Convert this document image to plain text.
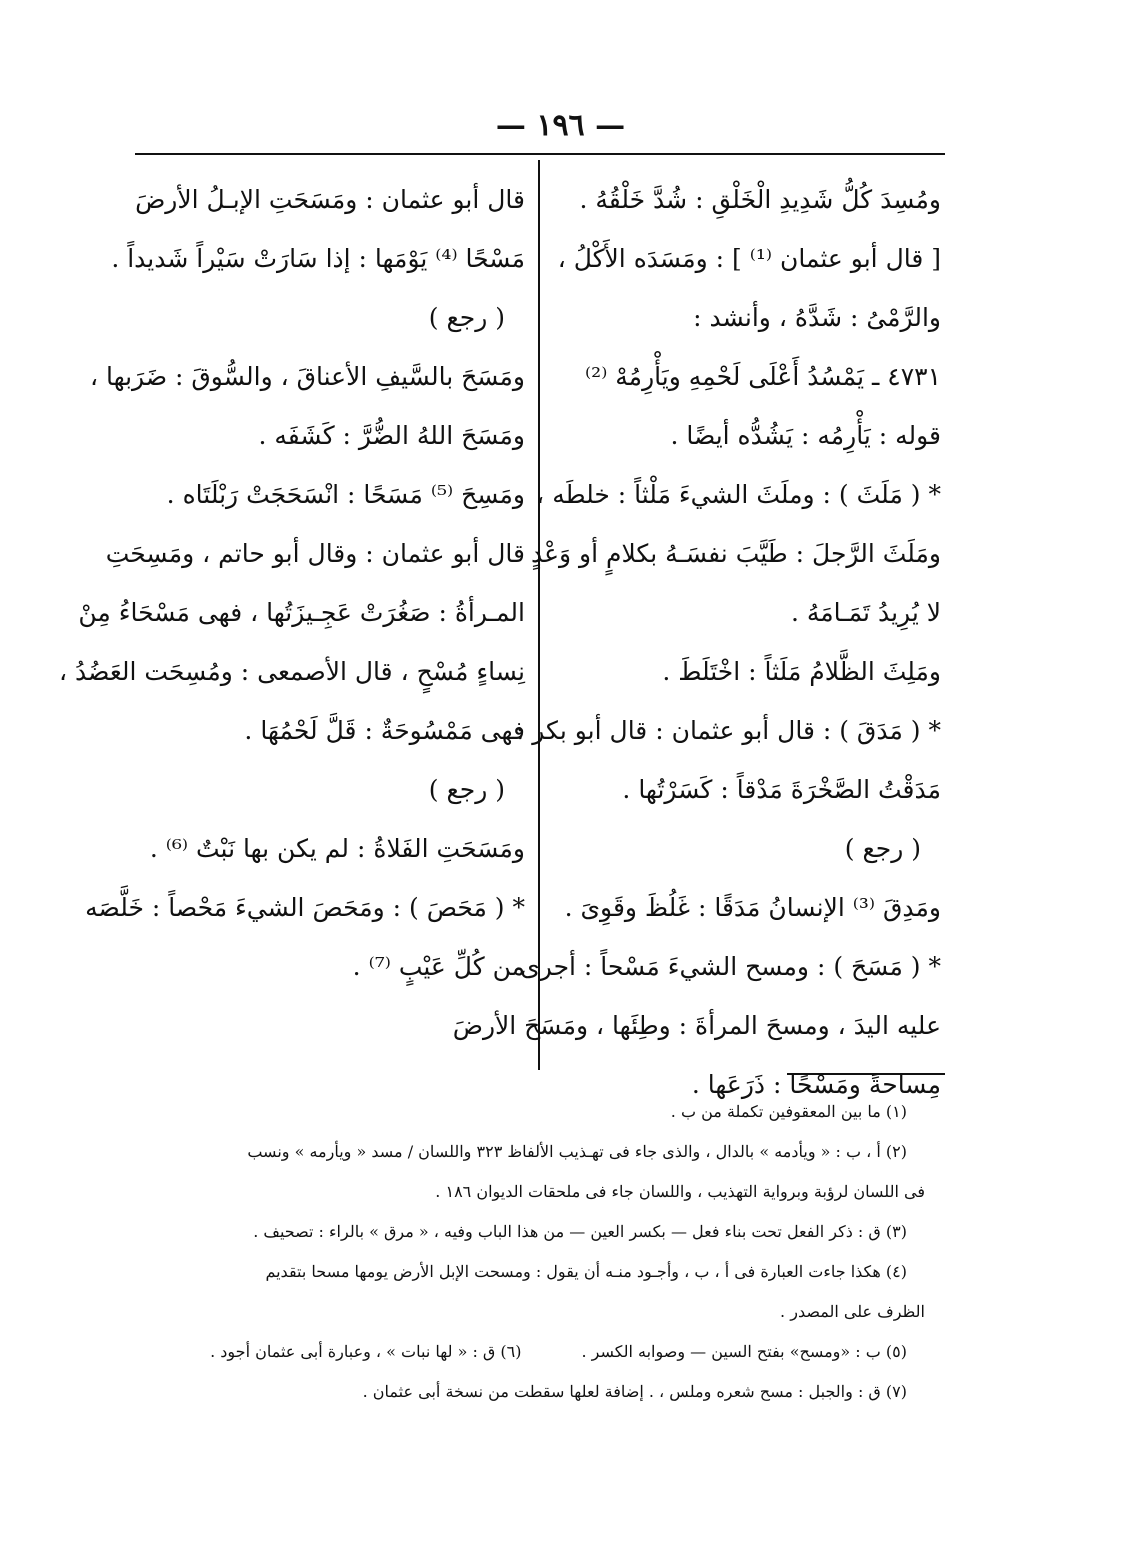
— ١٩٦ —
ومُسِدَ كُلُّ شَدِيدِ الْخَلْقِ : شُدَّ خَلْقُهُ .
[ قال أبو عثمان ⁽¹⁾ ] : ومَسَدَه الأَكْلُ ،
والرَّمْىُ : شَدَّهُ ، وأنشد :
٤٧٣١ ـ يَمْسُدُ أَعْلَى لَحْمِهِ ويَأْرِمُهْ ⁽²⁾
قوله : يَأْرِمُه : يَشُدُّه أيضًا .
* ( مَلَثَ ) : وملَثَ الشيءَ مَلْثاً : خلطَه ،
ومَلَثَ الرَّجلَ : طَيَّبَ نفسَـهُ بكلامٍ أو وَعْدٍ
لا يُرِيدُ تَمَـامَهُ .
ومَلِثَ الظَّلامُ مَلَثاً : اخْتَلَطَ .
* ( مَدَقَ ) : قال أبو عثمان : قال أبو بكر :
مَدَقْتُ الصَّخْرَةَ مَدْقاً : كَسَرْتُها .
( رجع )
ومَدِقَ ⁽³⁾ الإنسانُ مَدَقًا : غَلُظَ وقَوِىَ .
* ( مَسَحَ ) : ومسح الشيءَ مَسْحاً : أجرى
عليه اليدَ ، ومسحَ المرأةَ : وطِئَها ، ومَسَحَ الأرضَ
مِساحةً ومَسْحًا : ذَرَعَها .
قال أبو عثمان : ومَسَحَتِ الإبـلُ الأرضَ
مَسْحًا ⁽⁴⁾ يَوْمَها : إذا سَارَتْ سَيْراً شَديداً .
( رجع )
ومَسَحَ بالسَّيفِ الأعناقَ ، والسُّوقَ : ضَرَبها ،
ومَسَحَ اللهُ الضُّرَّ : كَشَفَه .
ومَسِحَ ⁽⁵⁾ مَسَحًا : انْسَحَجَتْ رَبْلَتَاه .
قال أبو عثمان : وقال أبو حاتم ، ومَسِحَتِ
المـرأةُ : صَغُرَتْ عَجِـيزَتُها ، فهى مَسْحَاءُ مِنْ
نِساءٍ مُسْحٍ ، قال الأصمعى : ومُسِحَت العَضُدُ ،
فهى مَمْسُوحَةٌ : قَلَّ لَحْمُهَا .
( رجع )
ومَسَحَتِ الفَلاةُ : لم يكن بها نَبْتٌ ⁽⁶⁾ .
* ( مَحَصَ ) : ومَحَصَ الشيءَ مَحْصاً : خَلَّصَه
من كُلِّ عَيْبٍ ⁽⁷⁾ .
(١) ما بين المعقوفين تكملة من ب .
(٢) أ ، ب : « ويأدمه » بالدال ، والذى جاء فى تهـذيب الألفاظ ٣٢٣ واللسان / مسد « ويأرمه » ونسب
فى اللسان لرؤبة وبرواية التهذيب ، واللسان جاء فى ملحقات الديوان ١٨٦ .
(٣) ق : ذكر الفعل تحت بناء فعل — بكسر العين — من هذا الباب وفيه ، « مرق » بالراء : تصحيف .
(٤) هكذا جاءت العبارة فى أ ، ب ، وأجـود منـه أن يقول : ومسحت الإبل الأرض يومها مسحا بتقديم
الظرف على المصدر .
(٥) ب : «ومسح» بفتح السين — وصوابه الكسر .
(٦) ق : « لها نبات » ، وعبارة أبى عثمان أجود .
(٧) ق : والجبل : مسح شعره وملس ، . إضافة لعلها سقطت من نسخة أبى عثمان .
